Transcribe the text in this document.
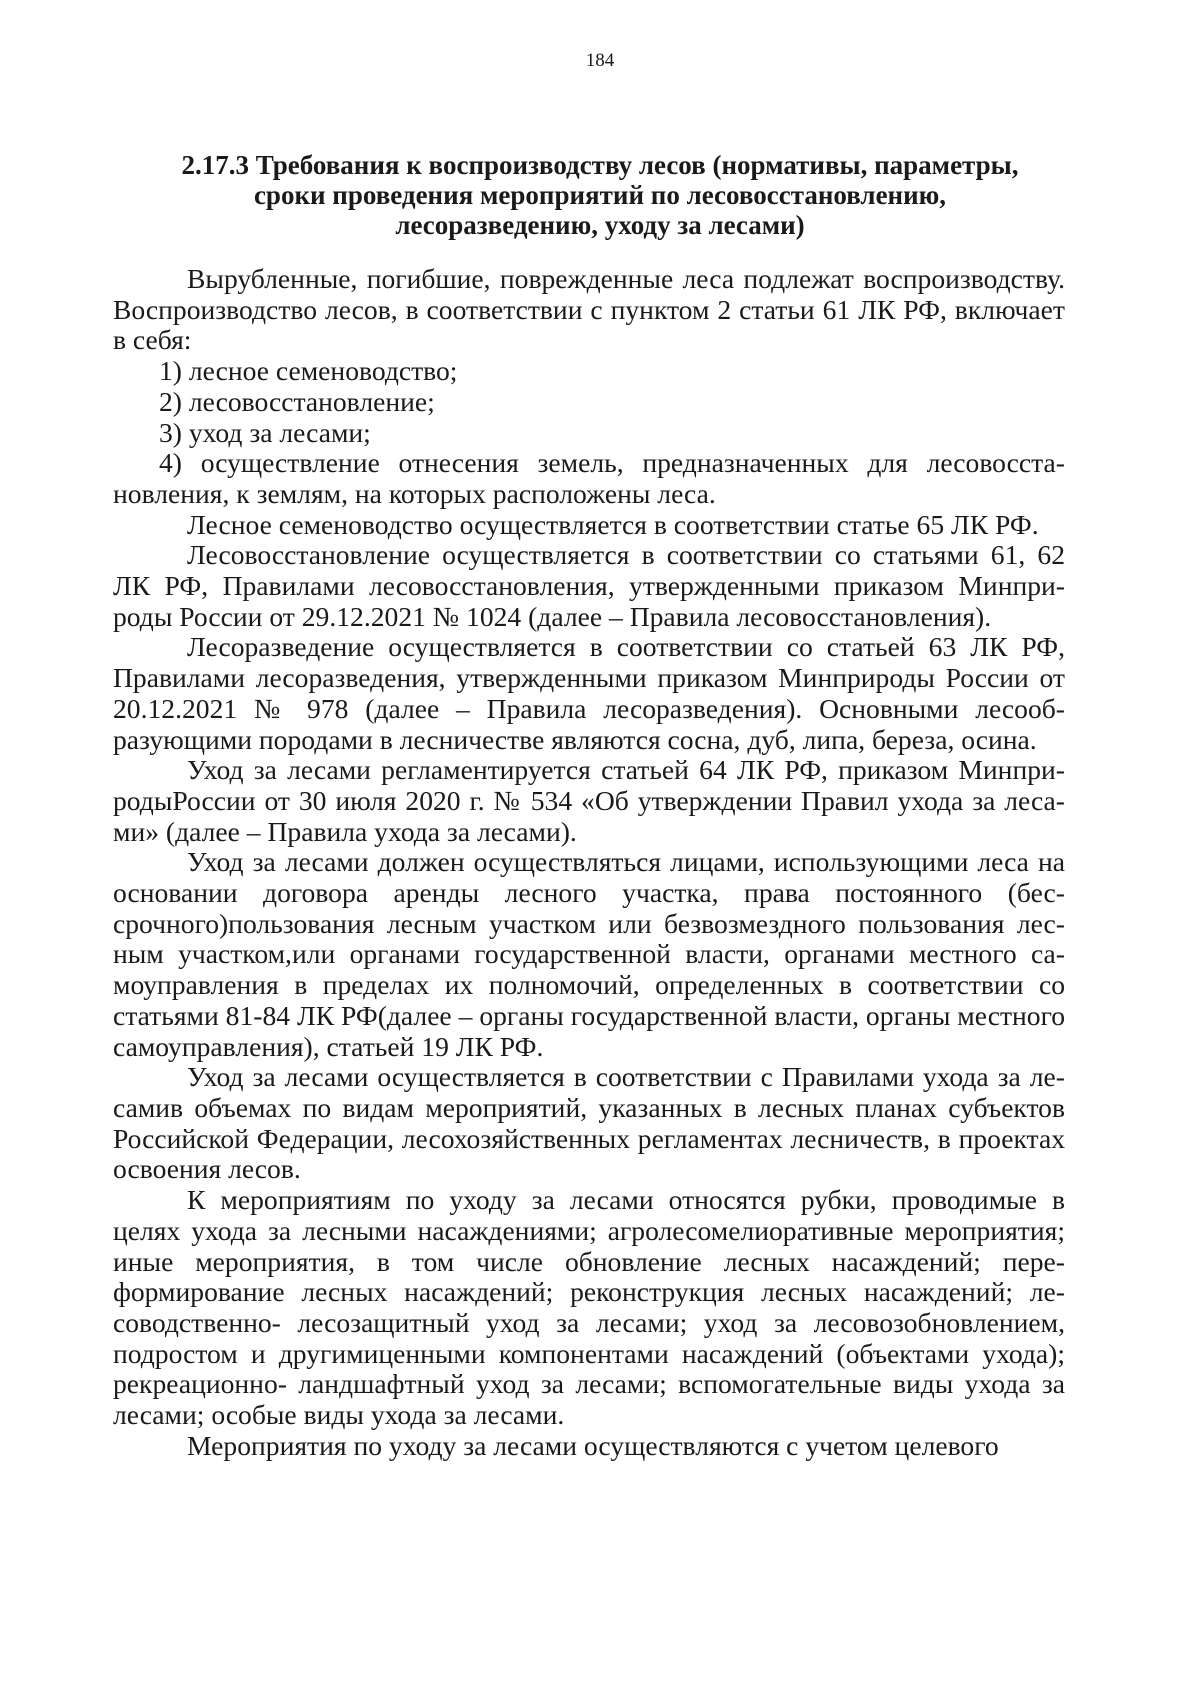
184
2.17.3 Требования к воспроизводству лесов (нормативы, параметры,
сроки проведения мероприятий по лесовосстановлению,
лесоразведению, уходу за лесами)

Вырубленные, погибшие, поврежденные леса подлежат воспроизводству. Воспроизводство лесов, в соответствии с пунктом 2 статьи 61 ЛК РФ, включает в себя:

1) лесное семеноводство;

2) лесовосстановление;

3) уход за лесами;

4) осуществление отнесения земель, предназначенных для лесовосстановления, к землям, на которых расположены леса.

Лесное семеноводство осуществляется в соответствии статье 65 ЛК РФ.

Лесовосстановление осуществляется в соответствии со статьями 61, 62 ЛК РФ, Правилами лесовосстановления, утвержденными приказом Минприроды России от 29.12.2021 № 1024 (далее – Правила лесовосстановления).

Лесоразведение осуществляется в соответствии со статьей 63 ЛК РФ, Правилами лесоразведения, утвержденными приказом Минприроды России от 20.12.2021 № 978 (далее – Правила лесоразведения). Основными лесообразующими породами в лесничестве являются сосна, дуб, липа, береза, осина.

Уход за лесами регламентируется статьей 64 ЛК РФ, приказом МинприродыРоссии от 30 июля 2020 г. № 534 «Об утверждении Правил ухода за лесами» (далее – Правила ухода за лесами).

Уход за лесами должен осуществляться лицами, использующими леса на основании договора аренды лесного участка, права постоянного (бессрочного)пользования лесным участком или безвозмездного пользования лесным участком,или органами государственной власти, органами местного самоуправления в пределах их полномочий, определенных в соответствии со статьями 81-84 ЛК РФ(далее – органы государственной власти, органы местного самоуправления), статьей 19 ЛК РФ.

Уход за лесами осуществляется в соответствии с Правилами ухода за лесамив объемах по видам мероприятий, указанных в лесных планах субъектов Российской Федерации, лесохозяйственных регламентах лесничеств, в проектах освоения лесов.

К мероприятиям по уходу за лесами относятся рубки, проводимые в целях ухода за лесными насаждениями; агролесомелиоративные мероприятия; иные мероприятия, в том числе обновление лесных насаждений; переформирование лесных насаждений; реконструкция лесных насаждений; лесоводственно- лесозащитный уход за лесами; уход за лесовозобновлением, подростом и другимиценными компонентами насаждений (объектами ухода); рекреационно- ландшафтный уход за лесами; вспомогательные виды ухода за лесами; особые виды ухода за лесами.

Мероприятия по уходу за лесами осуществляются с учетом целевого
